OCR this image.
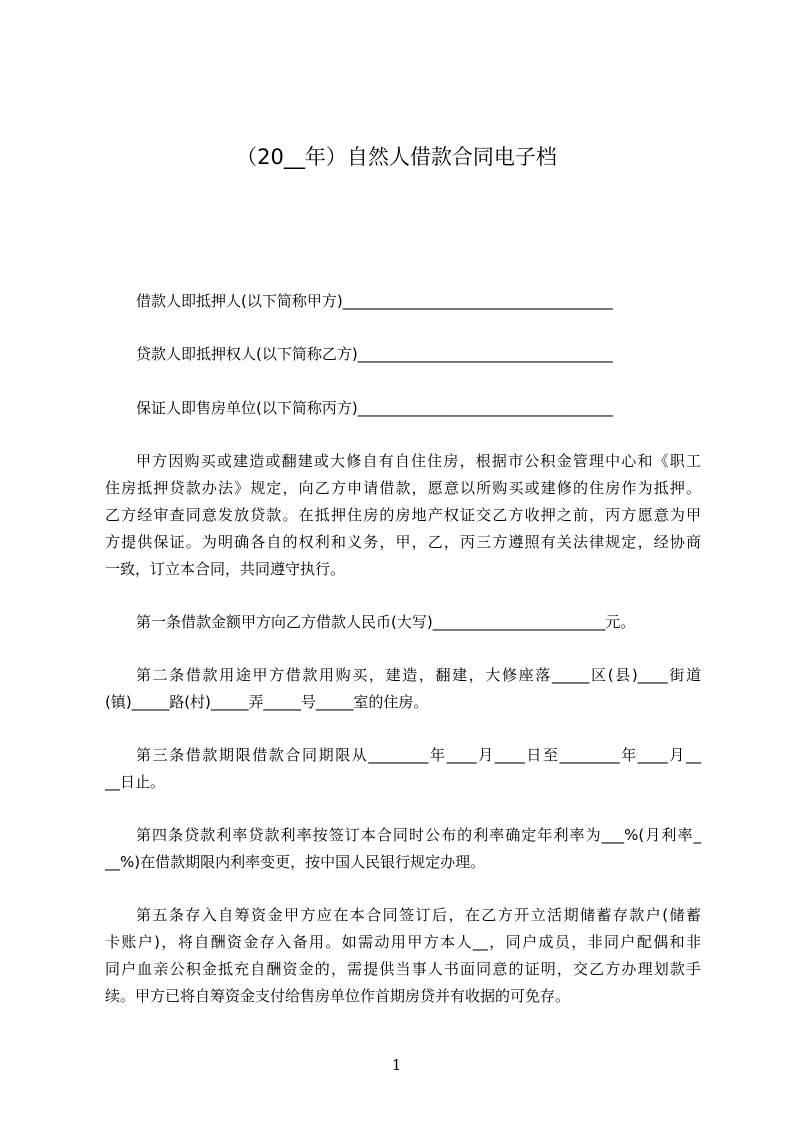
（20__年）自然人借款合同电子档
借款人即抵押人(以下简称甲方)____________________________________
贷款人即抵押权人(以下简称乙方)__________________________________
保证人即售房单位(以下简称丙方)__________________________________
甲方因购买或建造或翻建或大修自有自住住房，根据市公积金管理中心和《职工
住房抵押贷款办法》规定，向乙方申请借款，愿意以所购买或建修的住房作为抵押。
乙方经审查同意发放贷款。在抵押住房的房地产权证交乙方收押之前，丙方愿意为甲
方提供保证。为明确各自的权利和义务，甲，乙，丙三方遵照有关法律规定，经协商
一致，订立本合同，共同遵守执行。
第一条借款金额甲方向乙方借款人民币(大写)_______________________元。
第二条借款用途甲方借款用购买，建造，翻建，大修座落_____区(县)____街道
(镇)_____路(村)_____弄_____号_____室的住房。
第三条借款期限借款合同期限从________年____月____日至________年____月__
__日止。
第四条贷款利率贷款利率按签订本合同时公布的利率确定年利率为___%(月利率_
__%)在借款期限内利率变更，按中国人民银行规定办理。
第五条存入自筹资金甲方应在本合同签订后，在乙方开立活期储蓄存款户(储蓄
卡账户)，将自酬资金存入备用。如需动用甲方本人__，同户成员，非同户配偶和非
同户血亲公积金抵充自酬资金的，需提供当事人书面同意的证明，交乙方办理划款手
续。甲方已将自筹资金支付给售房单位作首期房贷并有收据的可免存。
1
